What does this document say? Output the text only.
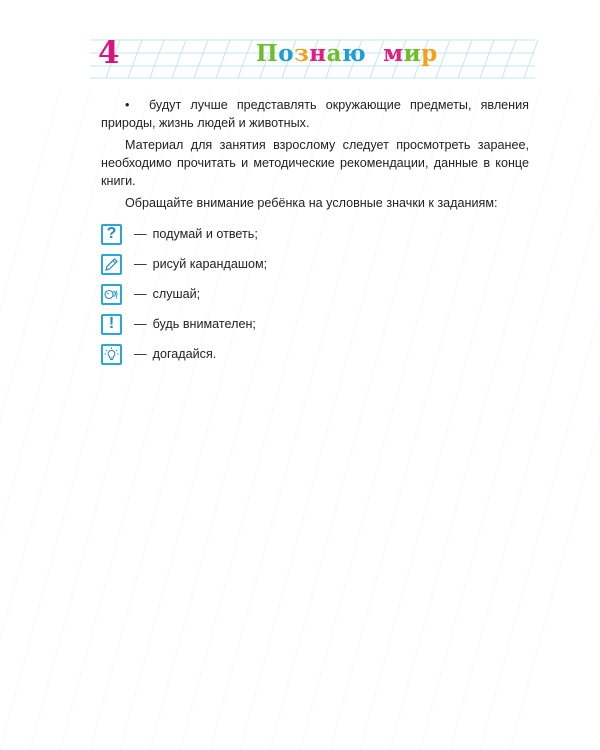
4	Познаю мир

• будут лучше представлять окружающие предметы, явления природы, жизнь людей и животных.

Материал для занятия взрослому следует просмотреть заранее, необходимо прочитать и методические рекомендации, данные в конце книги.

Обращайте внимание ребёнка на условные значки к заданиям:

? — подумай и ответь;
— рисуй карандашом;
— слушай;
! — будь внимателен;
— догадайся.
